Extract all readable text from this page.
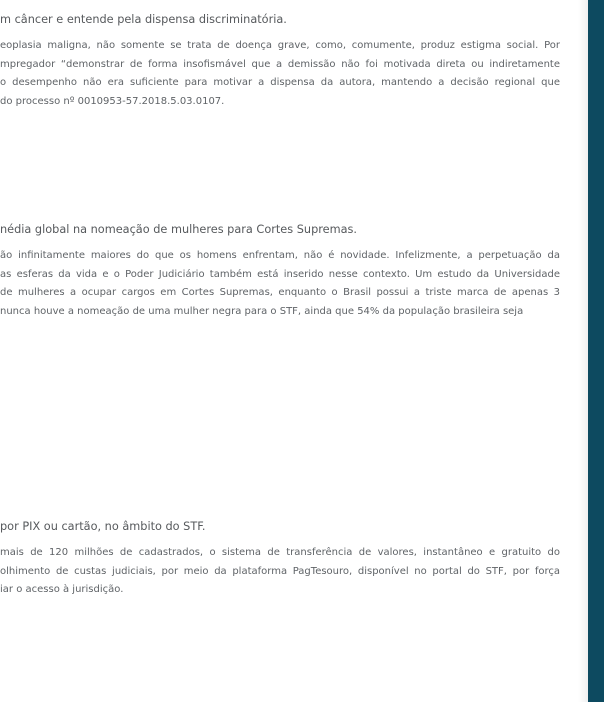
m câncer e entende pela dispensa discriminatória.

eoplasia maligna, não somente se trata de doença grave, como, comumente, produz estigma social. Por
mpregador “demonstrar de forma insofismável que a demissão não foi motivada direta ou indiretamente
o desempenho não era suficiente para motivar a dispensa da autora, mantendo a decisão regional que
do processo nº 0010953-57.2018.5.03.0107.

nédia global na nomeação de mulheres para Cortes Supremas.

ão infinitamente maiores do que os homens enfrentam, não é novidade. Infelizmente, a perpetuação da
as esferas da vida e o Poder Judiciário também está inserido nesse contexto. Um estudo da Universidade
de mulheres a ocupar cargos em Cortes Supremas, enquanto o Brasil possui a triste marca de apenas 3
nunca houve a nomeação de uma mulher negra para o STF, ainda que 54% da população brasileira seja

por PIX ou cartão, no âmbito do STF.

mais de 120 milhões de cadastrados, o sistema de transferência de valores, instantâneo e gratuito do
olhimento de custas judiciais, por meio da plataforma PagTesouro, disponível no portal do STF, por força
iar o acesso à jurisdição.
